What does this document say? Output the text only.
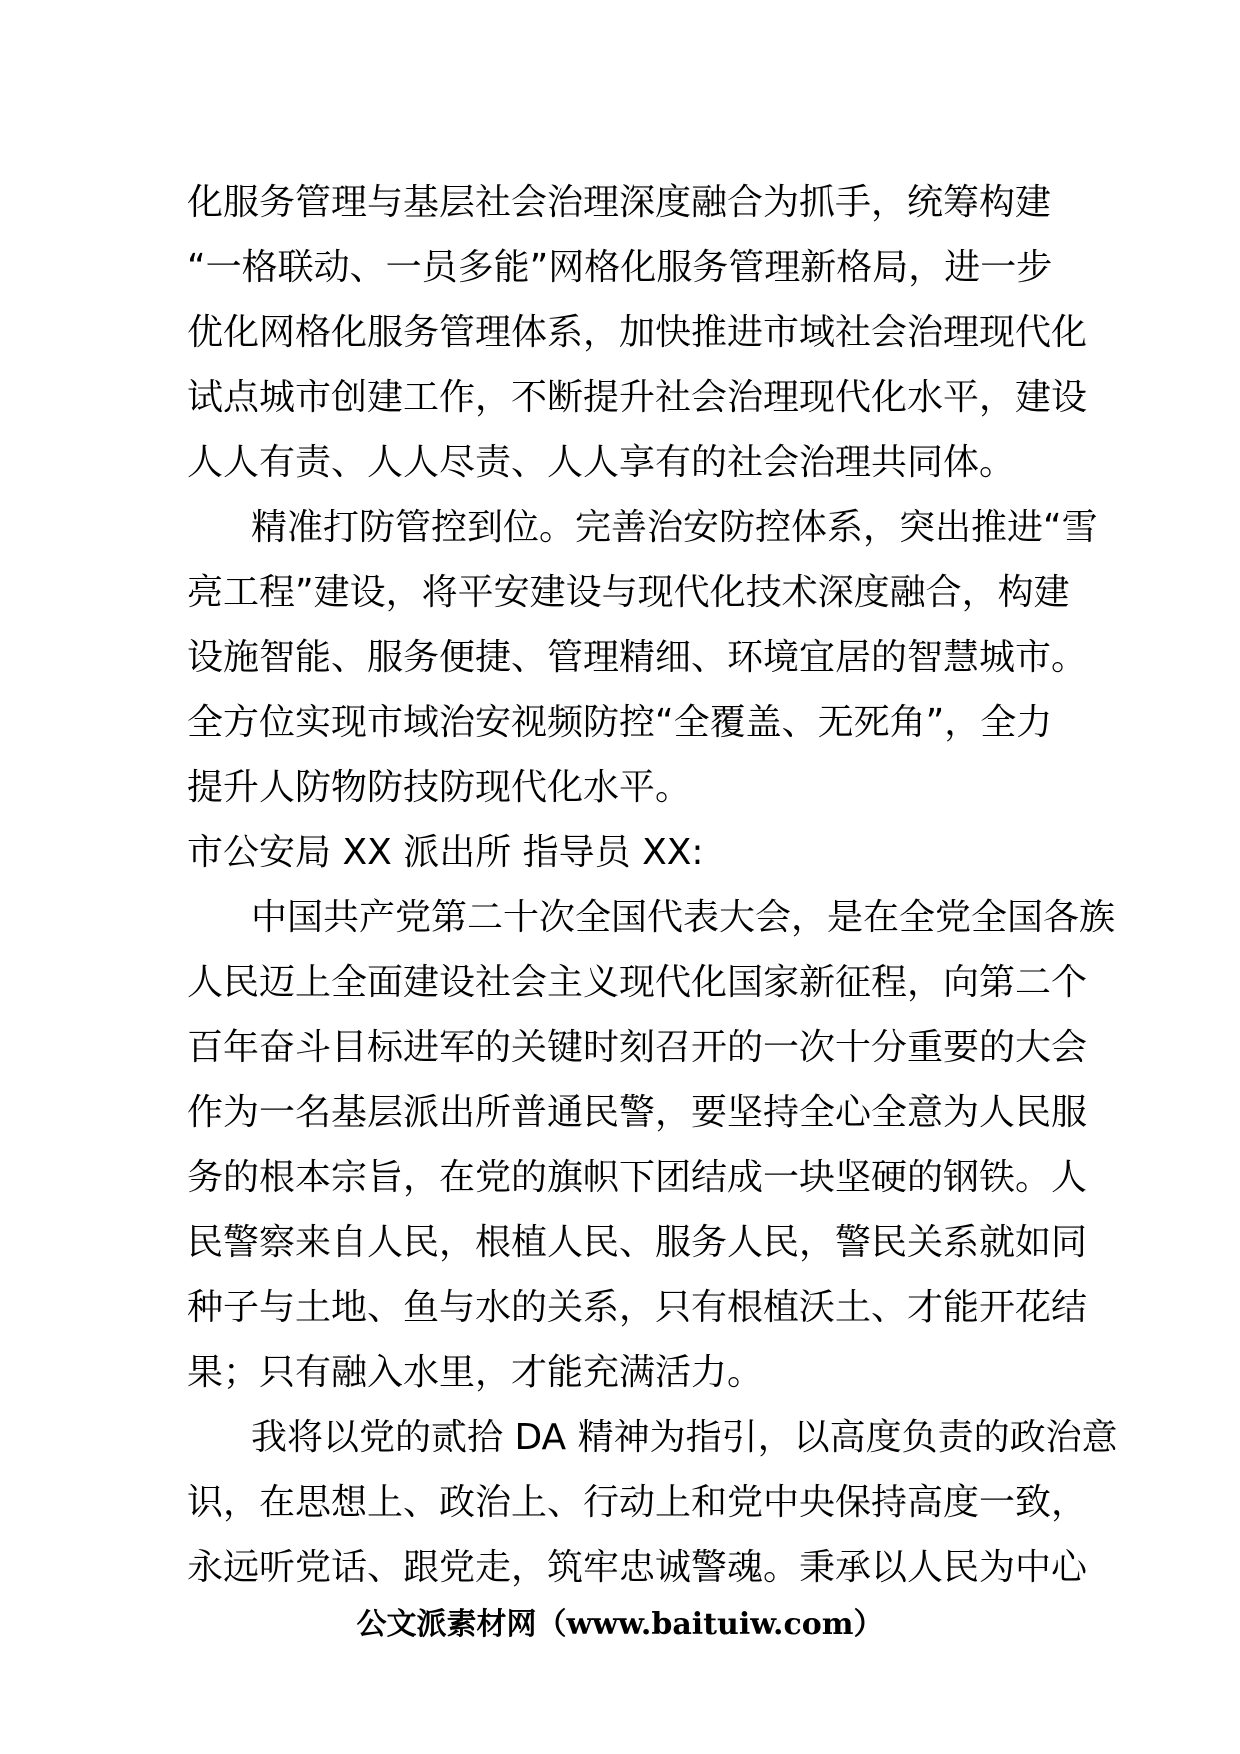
化服务管理与基层社会治理深度融合为抓手，统筹构建
“一格联动、一员多能”网格化服务管理新格局，进一步
优化网格化服务管理体系，加快推进市域社会治理现代化
试点城市创建工作，不断提升社会治理现代化水平，建设
人人有责、人人尽责、人人享有的社会治理共同体。
精准打防管控到位。完善治安防控体系，突出推进“雪
亮工程”建设，将平安建设与现代化技术深度融合，构建
设施智能、服务便捷、管理精细、环境宜居的智慧城市。
全方位实现市域治安视频防控“全覆盖、无死角”，全力
提升人防物防技防现代化水平。
市公安局 XX 派出所 指导员 XX:
中国共产党第二十次全国代表大会，是在全党全国各族
人民迈上全面建设社会主义现代化国家新征程，向第二个
百年奋斗目标进军的关键时刻召开的一次十分重要的大会
作为一名基层派出所普通民警，要坚持全心全意为人民服
务的根本宗旨，在党的旗帜下团结成一块坚硬的钢铁。人
民警察来自人民，根植人民、服务人民，警民关系就如同
种子与土地、鱼与水的关系，只有根植沃土、才能开花结
果；只有融入水里，才能充满活力。
我将以党的贰拾 DA 精神为指引，以高度负责的政治意
识，在思想上、政治上、行动上和党中央保持高度一致，
永远听党话、跟党走，筑牢忠诚警魂。秉承以人民为中心
公文派素材网（www.baituiw.com）
